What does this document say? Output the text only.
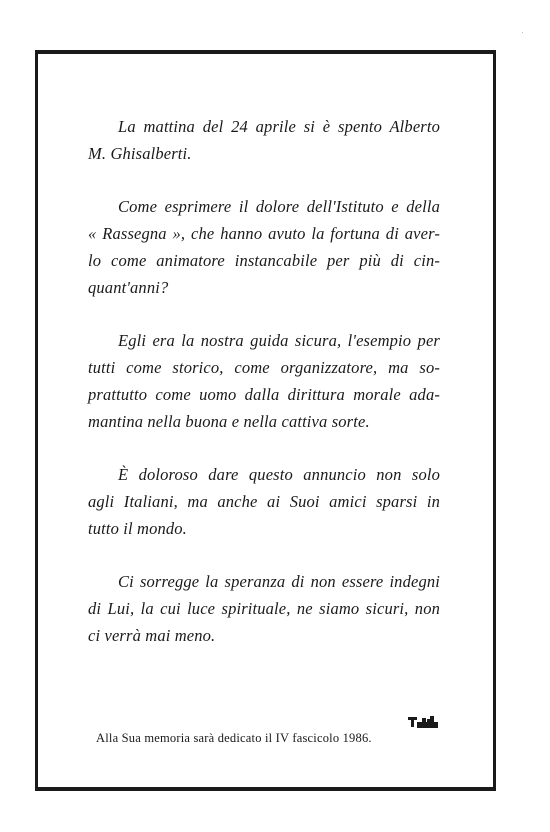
La mattina del 24 aprile si è spento Alberto
M. Ghisalberti.

Come esprimere il dolore dell'Istituto e della
« Rassegna », che hanno avuto la fortuna di aver-
lo come animatore instancabile per più di cin-
quant'anni?

Egli era la nostra guida sicura, l'esempio per
tutti come storico, come organizzatore, ma so-
prattutto come uomo dalla dirittura morale ada-
mantina nella buona e nella cattiva sorte.

È doloroso dare questo annuncio non solo
agli Italiani, ma anche ai Suoi amici sparsi in
tutto il mondo.

Ci sorregge la speranza di non essere indegni
di Lui, la cui luce spirituale, ne siamo sicuri, non
ci verrà mai meno.

Alla Sua memoria sarà dedicato il IV fascicolo 1986.
